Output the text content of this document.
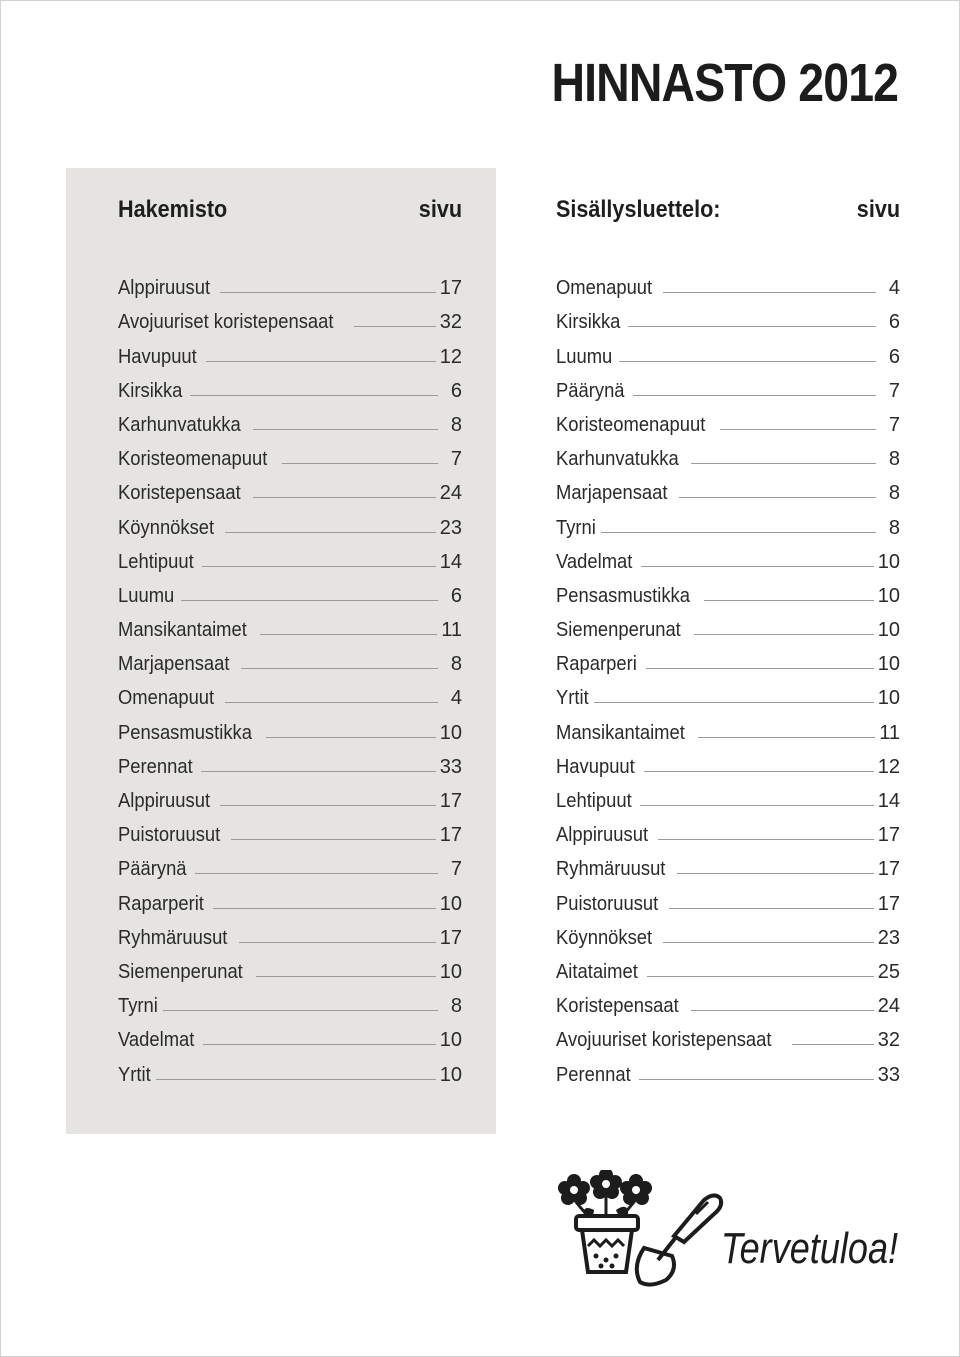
HINNASTO 2012
Hakemisto	sivu
Alppiruusut	17
Avojuuriset koristepensaat	32
Havupuut	12
Kirsikka	6
Karhunvatukka	8
Koristeomenapuut	7
Koristepensaat	24
Köynnökset	23
Lehtipuut	14
Luumu	6
Mansikantaimet	11
Marjapensaat	8
Omenapuut	4
Pensasmustikka	10
Perennat	33
Alppiruusut	17
Puistoruusut	17
Päärynä	7
Raparperit	10
Ryhmäruusut	17
Siemenperunat	10
Tyrni	8
Vadelmat	10
Yrtit	10
Sisällysluettelo:	sivu
Omenapuut	4
Kirsikka	6
Luumu	6
Päärynä	7
Koristeomenapuut	7
Karhunvatukka	8
Marjapensaat	8
Tyrni	8
Vadelmat	10
Pensasmustikka	10
Siemenperunat	10
Raparperi	10
Yrtit	10
Mansikantaimet	11
Havupuut	12
Lehtipuut	14
Alppiruusut	17
Ryhmäruusut	17
Puistoruusut	17
Köynnökset	23
Aitataimet	25
Koristepensaat	24
Avojuuriset koristepensaat	32
Perennat	33
Tervetuloa!
